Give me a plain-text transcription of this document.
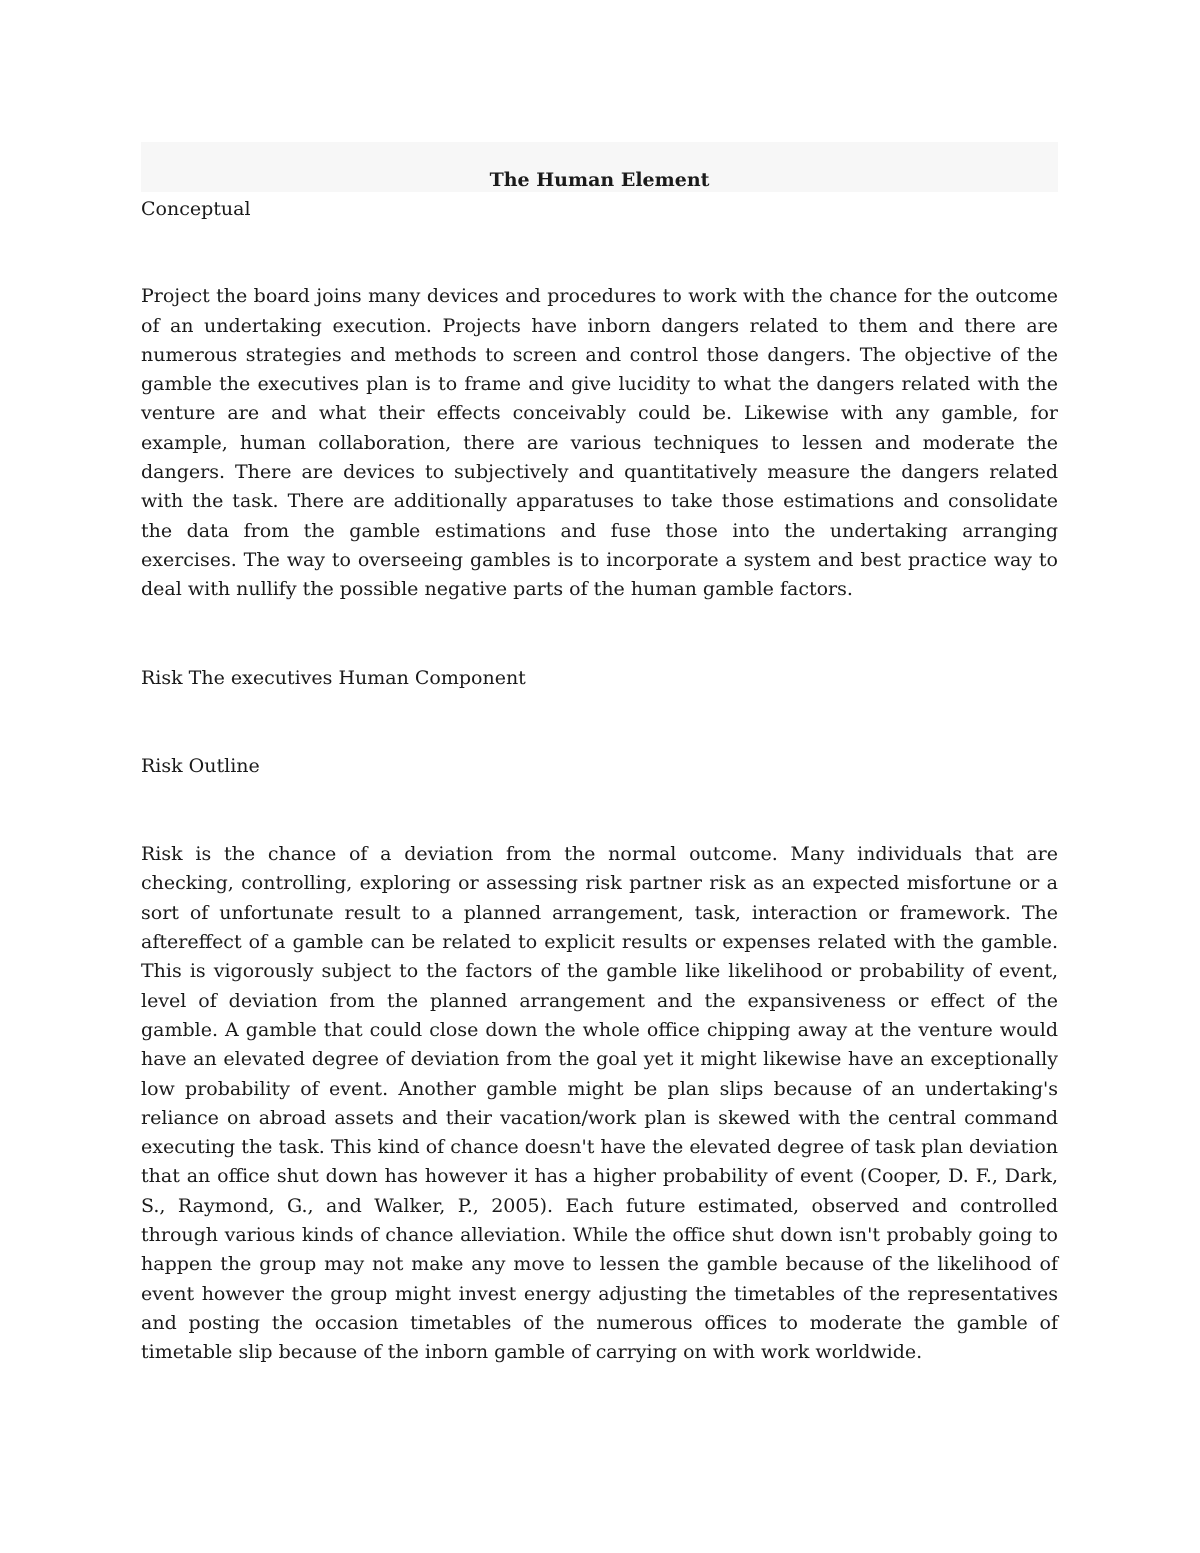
The Human Element

Conceptual

Project the board joins many devices and procedures to work with the chance for the outcome of an undertaking execution. Projects have inborn dangers related to them and there are numerous strategies and methods to screen and control those dangers. The objective of the gamble the executives plan is to frame and give lucidity to what the dangers related with the venture are and what their effects conceivably could be. Likewise with any gamble, for example, human collaboration, there are various techniques to lessen and moderate the dangers. There are devices to subjectively and quantitatively measure the dangers related with the task. There are additionally apparatuses to take those estimations and consolidate the data from the gamble estimations and fuse those into the undertaking arranging exercises. The way to overseeing gambles is to incorporate a system and best practice way to deal with nullify the possible negative parts of the human gamble factors.

Risk The executives Human Component

Risk Outline

Risk is the chance of a deviation from the normal outcome. Many individuals that are checking, controlling, exploring or assessing risk partner risk as an expected misfortune or a sort of unfortunate result to a planned arrangement, task, interaction or framework. The aftereffect of a gamble can be related to explicit results or expenses related with the gamble. This is vigorously subject to the factors of the gamble like likelihood or probability of event, level of deviation from the planned arrangement and the expansiveness or effect of the gamble. A gamble that could close down the whole office chipping away at the venture would have an elevated degree of deviation from the goal yet it might likewise have an exceptionally low probability of event. Another gamble might be plan slips because of an undertaking's reliance on abroad assets and their vacation/work plan is skewed with the central command executing the task. This kind of chance doesn't have the elevated degree of task plan deviation that an office shut down has however it has a higher probability of event (Cooper, D. F., Dark, S., Raymond, G., and Walker, P., 2005). Each future estimated, observed and controlled through various kinds of chance alleviation. While the office shut down isn't probably going to happen the group may not make any move to lessen the gamble because of the likelihood of event however the group might invest energy adjusting the timetables of the representatives and posting the occasion timetables of the numerous offices to moderate the gamble of timetable slip because of the inborn gamble of carrying on with work worldwide.
